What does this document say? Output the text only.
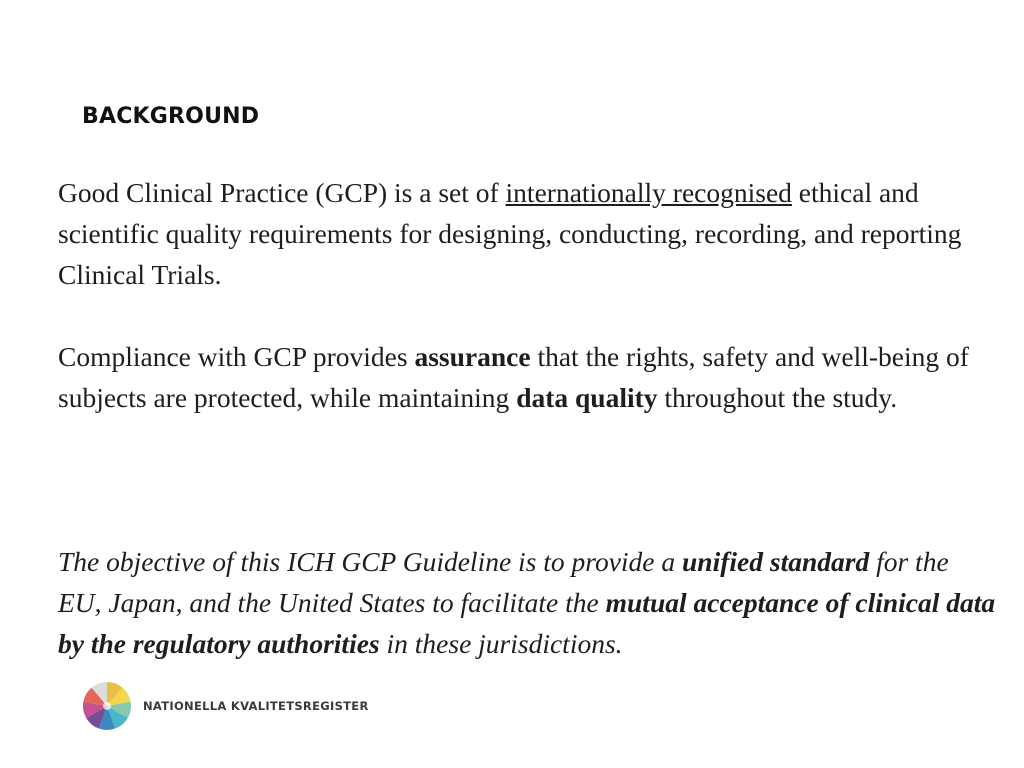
BACKGROUND
Good Clinical Practice (GCP) is a set of internationally recognised ethical and scientific quality requirements for designing, conducting, recording, and reporting Clinical Trials.
Compliance with GCP provides assurance that the rights, safety and well-being of subjects are protected, while maintaining data quality throughout the study.
The objective of this ICH GCP Guideline is to provide a unified standard for the EU, Japan, and the United States to facilitate the mutual acceptance of clinical data by the regulatory authorities in these jurisdictions.
NATIONELLA KVALITETSREGISTER
